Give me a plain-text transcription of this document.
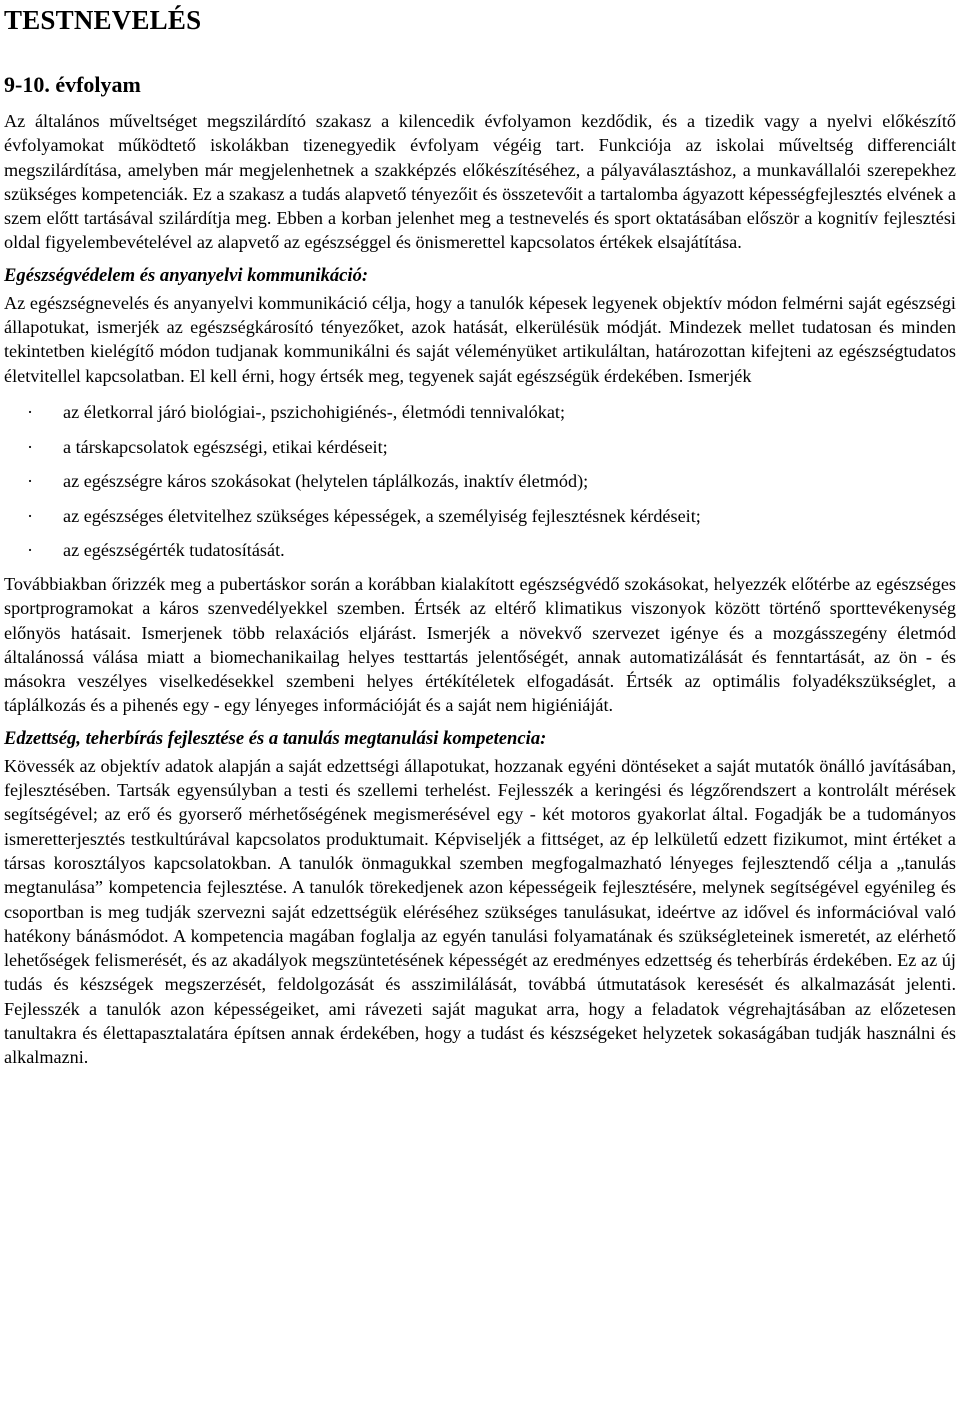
TESTNEVELÉS
9-10. évfolyam

Az általános műveltséget megszilárdító szakasz a kilencedik évfolyamon kezdődik, és a tizedik vagy a nyelvi előkészítő évfolyamokat működtető iskolákban tizenegyedik évfolyam végéig tart. Funkciója az iskolai műveltség differenciált megszilárdítása, amelyben már megjelenhetnek a szakképzés előkészítéséhez, a pályaválasztáshoz, a munkavállalói szerepekhez szükséges kompetenciák. Ez a szakasz a tudás alapvető tényezőit és összetevőit a tartalomba ágyazott képességfejlesztés elvének a szem előtt tartásával szilárdítja meg. Ebben a korban jelenhet meg a testnevelés és sport oktatásában először a kognitív fejlesztési oldal figyelembevételével az alapvető az egészséggel és önismerettel kapcsolatos értékek elsajátítása.

Egészségvédelem és anyanyelvi kommunikáció:

Az egészségnevelés és anyanyelvi kommunikáció célja, hogy a tanulók képesek legyenek objektív módon felmérni saját egészségi állapotukat, ismerjék az egészségkárosító tényezőket, azok hatását, elkerülésük módját. Mindezek mellet tudatosan és minden tekintetben kielégítő módon tudjanak kommunikálni és saját véleményüket artikuláltan, határozottan kifejteni az egészségtudatos életvitellel kapcsolatban. El kell érni, hogy értsék meg, tegyenek saját egészségük érdekében. Ismerjék

· az életkorral járó biológiai-, pszichohigiénés-, életmódi tennivalókat;
· a társkapcsolatok egészségi, etikai kérdéseit;
· az egészségre káros szokásokat (helytelen táplálkozás, inaktív életmód);
· az egészséges életvitelhez szükséges képességek, a személyiség fejlesztésnek kérdéseit;
· az egészségérték tudatosítását.

Továbbiakban őrizzék meg a pubertáskor során a korábban kialakított egészségvédő szokásokat, helyezzék előtérbe az egészséges sportprogramokat a káros szenvedélyekkel szemben. Értsék az eltérő klimatikus viszonyok között történő sporttevékenység előnyös hatásait. Ismerjenek több relaxációs eljárást. Ismerjék a növekvő szervezet igénye és a mozgásszegény életmód általánossá válása miatt a biomechanikailag helyes testtartás jelentőségét, annak automatizálását és fenntartását, az ön - és másokra veszélyes viselkedésekkel szembeni helyes értékítéletek elfogadását. Értsék az optimális folyadékszükséglet, a táplálkozás és a pihenés egy - egy lényeges információját és a saját nem higiéniáját.

Edzettség, teherbírás fejlesztése és a tanulás megtanulási kompetencia:

Kövessék az objektív adatok alapján a saját edzettségi állapotukat, hozzanak egyéni döntéseket a saját mutatók önálló javításában, fejlesztésében. Tartsák egyensúlyban a testi és szellemi terhelést. Fejlesszék a keringési és légzőrendszert a kontrolált mérések segítségével; az erő és gyorserő mérhetőségének megismerésével egy - két motoros gyakorlat által. Fogadják be a tudományos ismeretterjesztés testkultúrával kapcsolatos produktumait. Képviseljék a fittséget, az ép lelkületű edzett fizikumot, mint értéket a társas korosztályos kapcsolatokban. A tanulók önmagukkal szemben megfogalmazható lényeges fejlesztendő célja a „tanulás megtanulása” kompetencia fejlesztése. A tanulók törekedjenek azon képességeik fejlesztésére, melynek segítségével egyénileg és csoportban is meg tudják szervezni saját edzettségük eléréséhez szükséges tanulásukat, ideértve az idővel és információval való hatékony bánásmódot. A kompetencia magában foglalja az egyén tanulási folyamatának és szükségleteinek ismeretét, az elérhető lehetőségek felismerését, és az akadályok megszüntetésének képességét az eredményes edzettség és teherbírás érdekében. Ez az új tudás és készségek megszerzését, feldolgozását és asszimilálását, továbbá útmutatások keresését és alkalmazását jelenti. Fejlesszék a tanulók azon képességeiket, ami rávezeti saját magukat arra, hogy a feladatok végrehajtásában az előzetesen tanultakra és élettapasztalatára építsen annak érdekében, hogy a tudást és készségeket helyzetek sokaságában tudják használni és alkalmazni.
